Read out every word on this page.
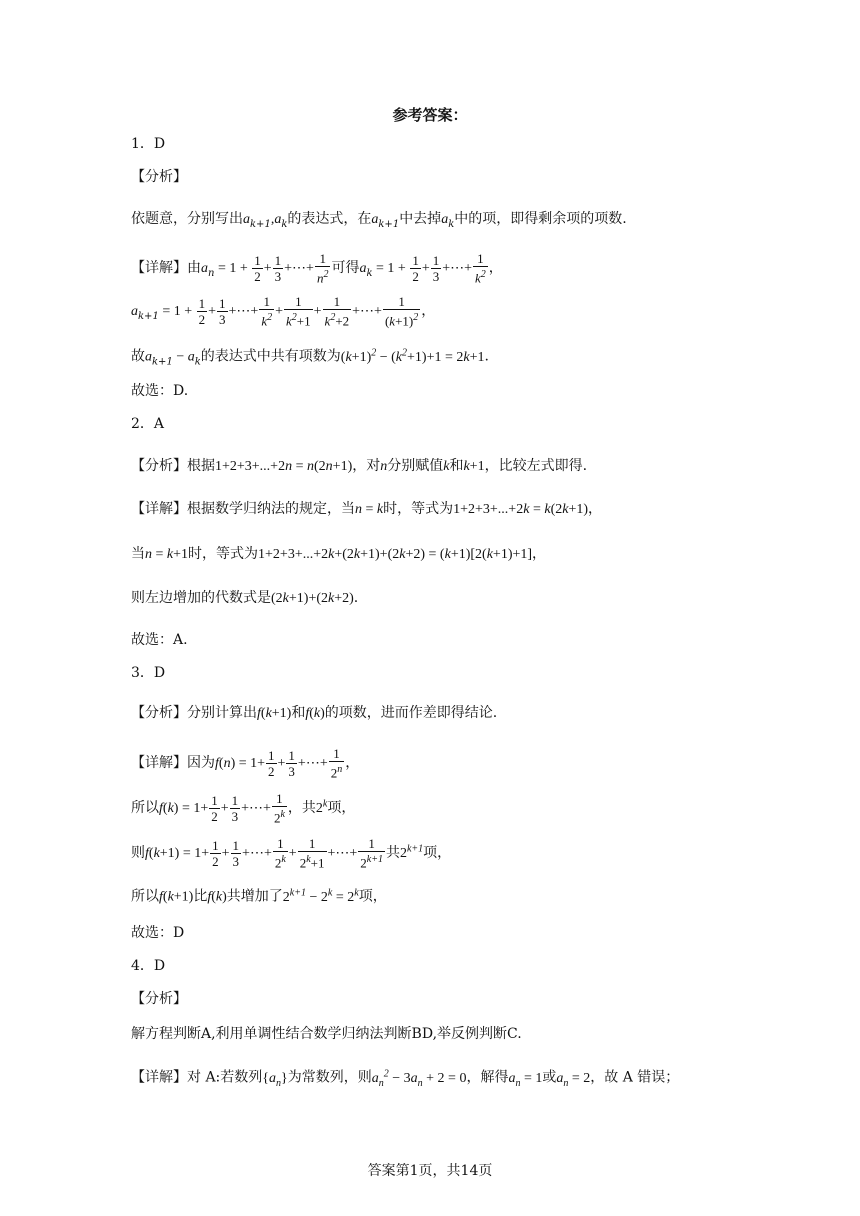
参考答案：
1．D
【分析】
依题意，分别写出$a_{k+1},a_k$的表达式，在$a_{k+1}$中去掉$a_k$中的项，即得剩余项的项数.
【详解】由$a_n = 1 + \frac{1}{2} + \frac{1}{3}$ +⋯+ $\frac{1}{n^2}$ 可得$a_k = 1 + \frac{1}{2} + \frac{1}{3}$ +⋯+ $\frac{1}{k^2}$ ，
$a_{k+1} = 1 + \frac{1}{2} + \frac{1}{3}$ +⋯+ $\frac{1}{k^2} + \frac{1}{k^2+1} + \frac{1}{k^2+2}$ +⋯+ $\frac{1}{(k+1)^2}$ ，
故$a_{k+1} - a_k$的表达式中共有项数为$(k+1)^2 - (k^2+1)+1 = 2k+1$.
故选：D.
2．A
【分析】根据1+2+3+...+2n = n(2n+1)，对n分别赋值k和k+1，比较左式即得.
【详解】根据数学归纳法的规定，当n = k时，等式为1+2+3+...+2k = k(2k+1)，
当n = k+1时，等式为1+2+3+...+2k+(2k+1)+(2k+2) = (k+1)[2(k+1)+1]，
则左边增加的代数式是(2k+1)+(2k+2).
故选：A.
3．D
【分析】分别计算出f(k+1)和f(k)的项数，进而作差即得结论.
【详解】因为$f(n) = 1+ \frac{1}{2} + \frac{1}{3}$ +⋯+ $\frac{1}{2^n}$ ，
所以$f(k) = 1+ \frac{1}{2} + \frac{1}{3}$ +⋯+ $\frac{1}{2^k}$ ，共2$^k$项，
则$f(k+1) = 1+ \frac{1}{2} + \frac{1}{3}$ +⋯+ $\frac{1}{2^k} + \frac{1}{2^k+1}$ +⋯+ $\frac{1}{2^{k+1}}$ 共$2^{k+1}$项，
所以f(k+1)比f(k)共增加了$2^{k+1} - 2^k = 2^k$项，
故选：D
4．D
【分析】
解方程判断A,利用单调性结合数学归纳法判断BD,举反例判断C.
【详解】对 A:若数列$\{a_n\}$为常数列，则$a_n^2 - 3a_n + 2 = 0$，解得$a_n = 1$或$a_n = 2$，故 A 错误；
答案第1页，共14页
